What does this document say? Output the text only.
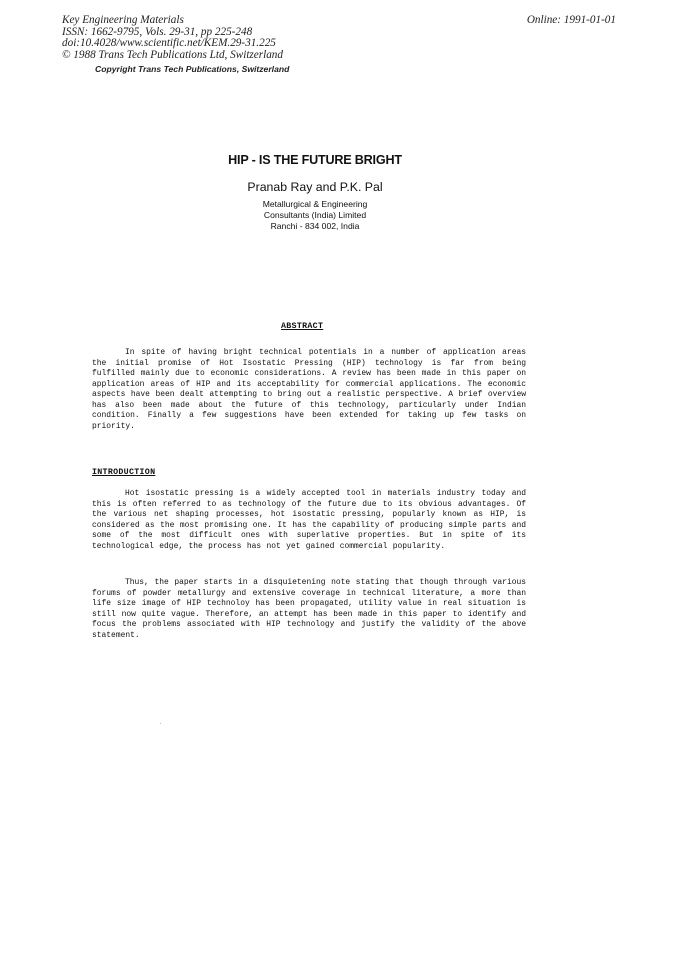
Key Engineering Materials
ISSN: 1662-9795, Vols. 29-31, pp 225-248
doi:10.4028/www.scientific.net/KEM.29-31.225
© 1988 Trans Tech Publications Ltd, Switzerland
Online: 1991-01-01
Copyright Trans Tech Publications, Switzerland
HIP - IS THE FUTURE BRIGHT
Pranab Ray and P.K. Pal
Metallurgical & Engineering
Consultants (India) Limited
Ranchi - 834 002, India
ABSTRACT
In spite of having bright technical potentials in a number of application areas the initial promise of Hot Isostatic Pressing (HIP) technology is far from being fulfilled mainly due to economic considerations. A review has been made in this paper on application areas of HIP and its acceptability for commercial applications. The economic aspects have been dealt attempting to bring out a realistic perspective. A brief overview has also been made about the future of this technology, particularly under Indian condition. Finally a few suggestions have been extended for taking up few tasks on priority.
INTRODUCTION
Hot isostatic pressing is a widely accepted tool in materials industry today and this is often referred to as technology of the future due to its obvious advantages. Of the various net shaping processes, hot isostatic pressing, popularly known as HIP, is considered as the most promising one. It has the capability of producing simple parts and some of the most difficult ones with superlative properties. But in spite of its technological edge, the process has not yet gained commercial popularity.
Thus, the paper starts in a disquietening note stating that though through various forums of powder metallurgy and extensive coverage in technical literature, a more than life size image of HIP technoloy has been propagated, utility value in real situation is still now quite vague. Therefore, an attempt has been made in this paper to identify and focus the problems associated with HIP technology and justify the validity of the above statement.
